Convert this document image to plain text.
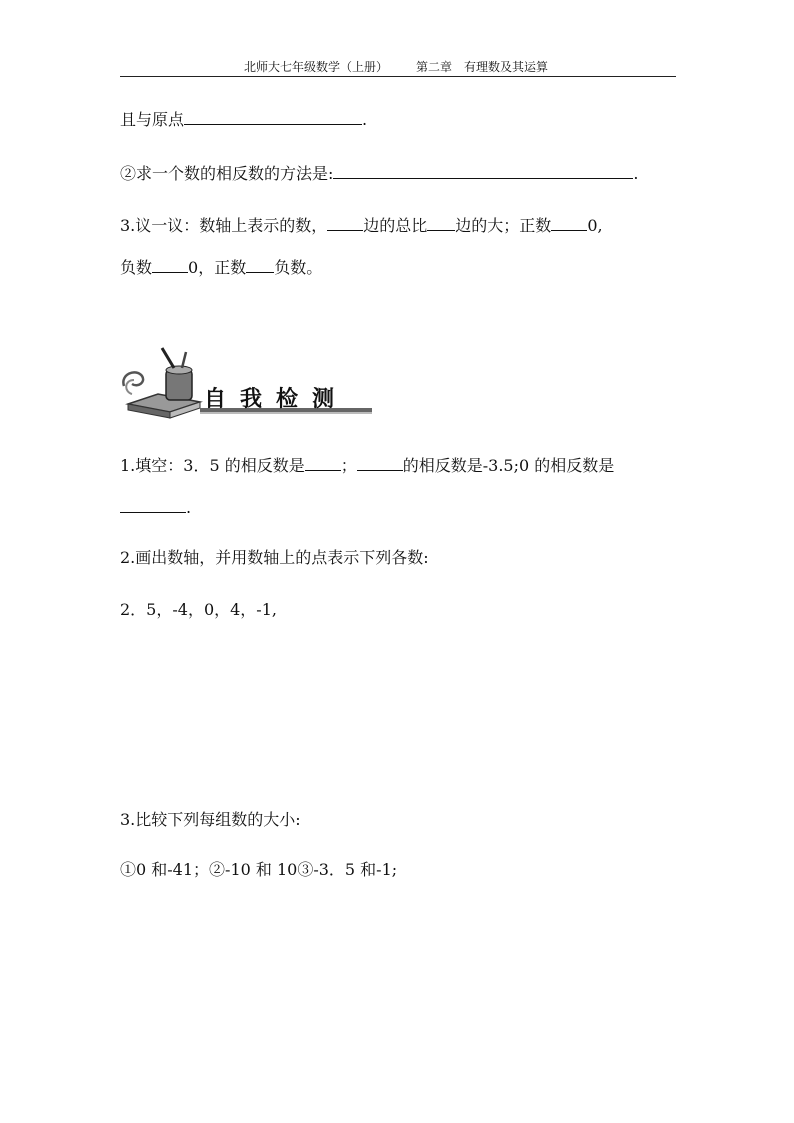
北师大七年级数学（上册） 第二章　有理数及其运算
且与原点	.
②求一个数的相反数的方法是:	.
3.议一议：数轴上表示的数， 边的总比 边的大；正数 0,
负数 0，正数 负数。
自我检测
1.填空：3．5 的相反数是 ；	的相反数是-3.5;0 的相反数是
.
2.画出数轴，并用数轴上的点表示下列各数:
2．5，-4，0，4，-1,
3.比较下列每组数的大小:
①0 和-41；②-10 和 10③-3．5 和-1;
